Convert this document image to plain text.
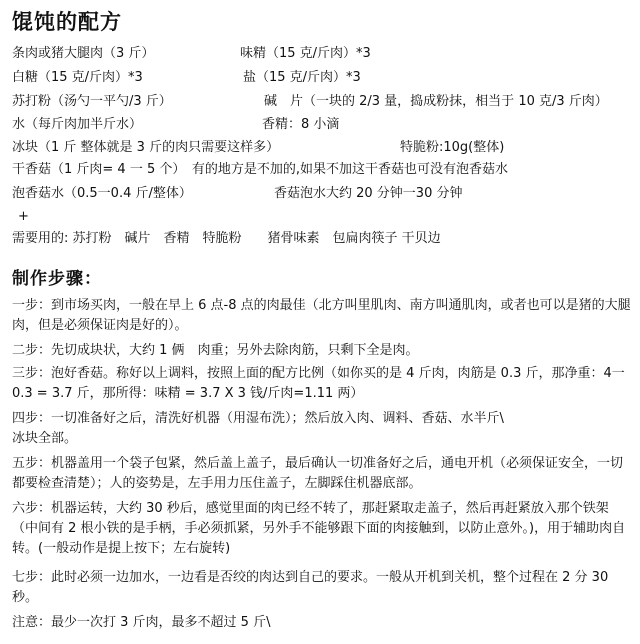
馄饨的配方
条肉或猪大腿肉（3 斤）	味精（15 克/斤肉）*3
白糖（15 克/斤肉）*3	盐（15 克/斤肉）*3
苏打粉（汤勺一平勺/3 斤）	碱　片（一块的 2/3 量，捣成粉抹，相当于 10 克/3 斤肉）
水（每斤肉加半斤水）	香精：8 小滴
冰块（1 斤 整体就是 3 斤的肉只需要这样多）	特脆粉:10g(整体)
干香菇（1 斤肉= 4 一 5 个）　有的地方是不加的,如果不加这干香菇也可没有泡香菇水
泡香菇水（0.5一0.4 斤/整体）	香菇泡水大约 20 分钟一30 分钟
+
需要用的: 苏打粉　碱片　香精　特脆粉　　猪骨味素　包扁肉筷子 干贝边
制作步骤：
一步：到市场买肉，一般在早上 6 点-8 点的肉最佳（北方叫里肌肉、南方叫通肌肉，或者也可以是猪的大腿肉，但是必须保证肉是好的）。
二步：先切成块状，大约 1 俩　肉重；另外去除肉筋，只剩下全是肉。
三步：泡好香菇。称好以上调料，按照上面的配方比例（如你买的是 4 斤肉，肉筋是 0.3 斤，那净重：4一0.3 = 3.7 斤，那所得：味精 = 3.7 X 3 钱/斤肉=1.11 两）
四步：一切准备好之后，清洗好机器（用湿布洗）；然后放入肉、调料、香菇、水半斤\
冰块全部。
五步：机器盖用一个袋子包紧，然后盖上盖子，最后确认一切准备好之后，通电开机（必须保证安全，一切都要检查清楚）；人的姿势是，左手用力压住盖子，左脚踩住机器底部。
六步：机器运转，大约 30 秒后，感觉里面的肉已经不转了，那赶紧取走盖子，然后再赶紧放入那个铁架（中间有 2 根小铁的是手柄，手必须抓紧，另外手不能够跟下面的肉接触到，以防止意外。)，用于辅助肉自转。(一般动作是提上按下；左右旋转)
七步：此时必须一边加水，一边看是否绞的肉达到自己的要求。一般从开机到关机，整个过程在 2 分 30 秒。
注意：最少一次打 3 斤肉，最多不超过 5 斤\
